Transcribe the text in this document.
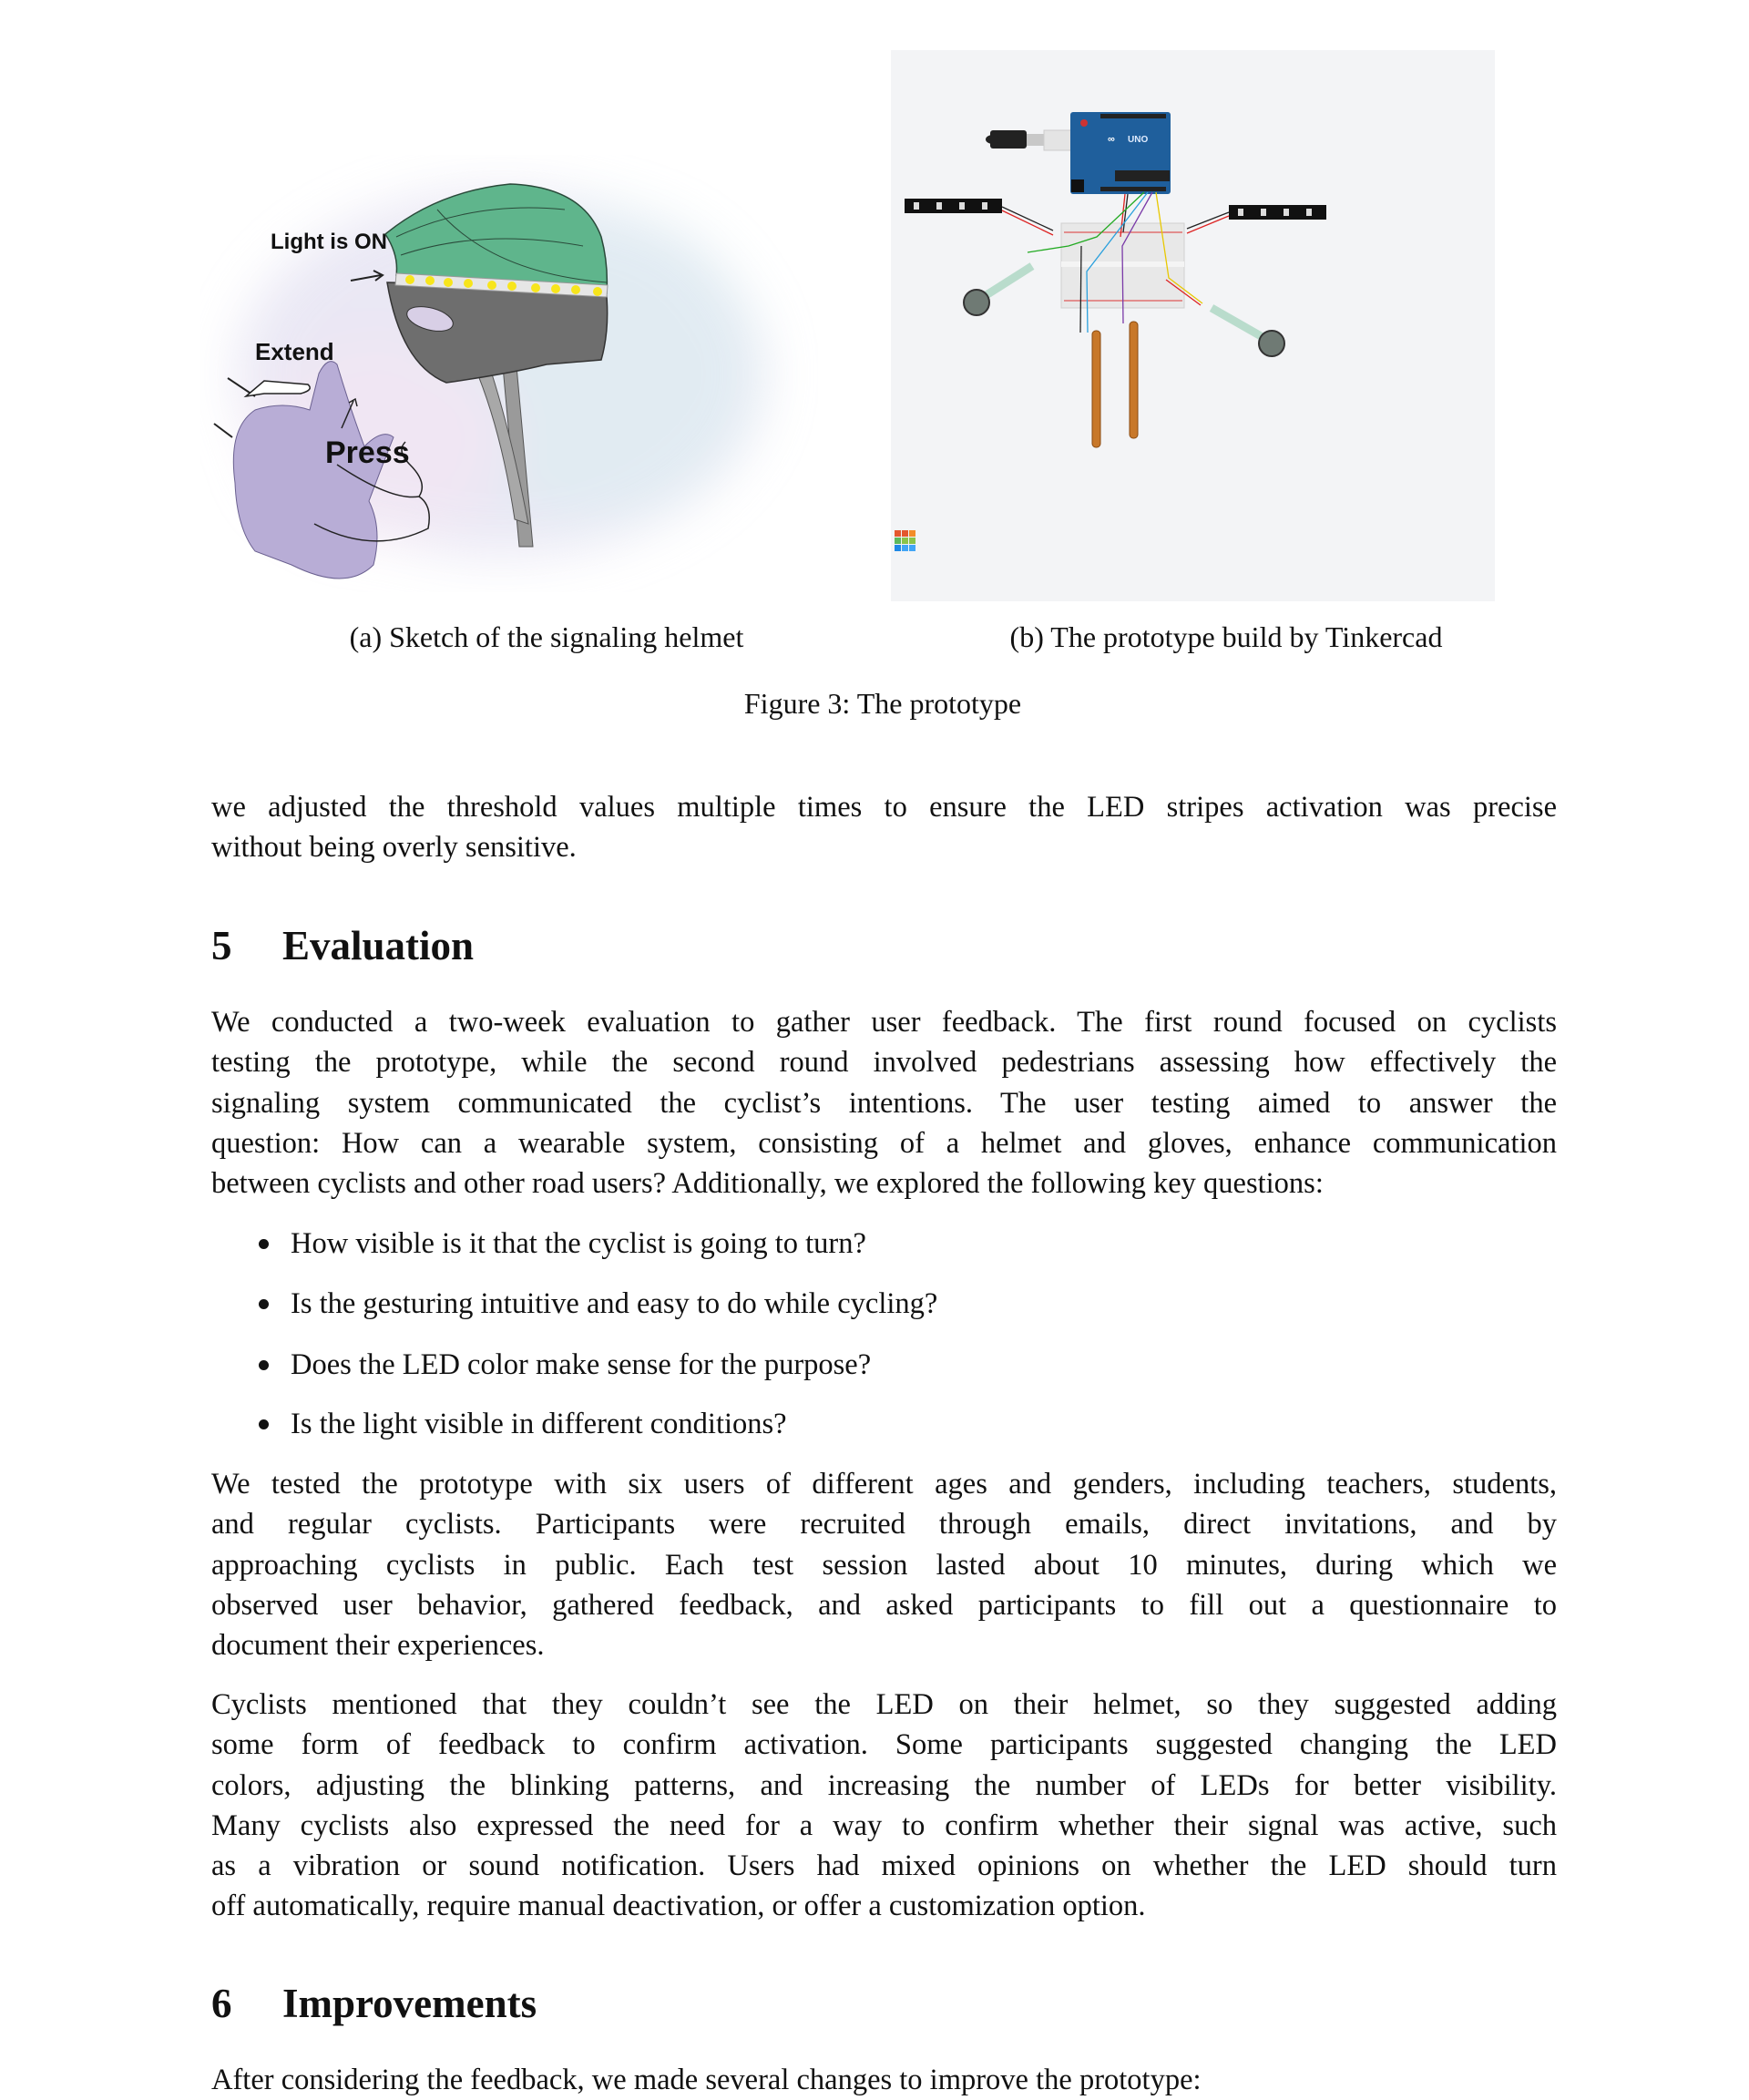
Light is ON
Extend
Press
UNO
∞
(a) Sketch of the signaling helmet	(b) The prototype build by Tinkercad
Figure 3: The prototype
we adjusted the threshold values multiple times to ensure the LED stripes activation was precise
without being overly sensitive.
5 Evaluation
We conducted a two-week evaluation to gather user feedback. The first round focused on cyclists
testing the prototype, while the second round involved pedestrians assessing how effectively the
signaling system communicated the cyclist’s intentions. The user testing aimed to answer the
question: How can a wearable system, consisting of a helmet and gloves, enhance communication
between cyclists and other road users? Additionally, we explored the following key questions:
How visible is it that the cyclist is going to turn?
Is the gesturing intuitive and easy to do while cycling?
Does the LED color make sense for the purpose?
Is the light visible in different conditions?
We tested the prototype with six users of different ages and genders, including teachers, students,
and regular cyclists. Participants were recruited through emails, direct invitations, and by
approaching cyclists in public. Each test session lasted about 10 minutes, during which we
observed user behavior, gathered feedback, and asked participants to fill out a questionnaire to
document their experiences.
Cyclists mentioned that they couldn’t see the LED on their helmet, so they suggested adding
some form of feedback to confirm activation. Some participants suggested changing the LED
colors, adjusting the blinking patterns, and increasing the number of LEDs for better visibility.
Many cyclists also expressed the need for a way to confirm whether their signal was active, such
as a vibration or sound notification. Users had mixed opinions on whether the LED should turn
off automatically, require manual deactivation, or offer a customization option.
6 Improvements
After considering the feedback, we made several changes to improve the prototype:
